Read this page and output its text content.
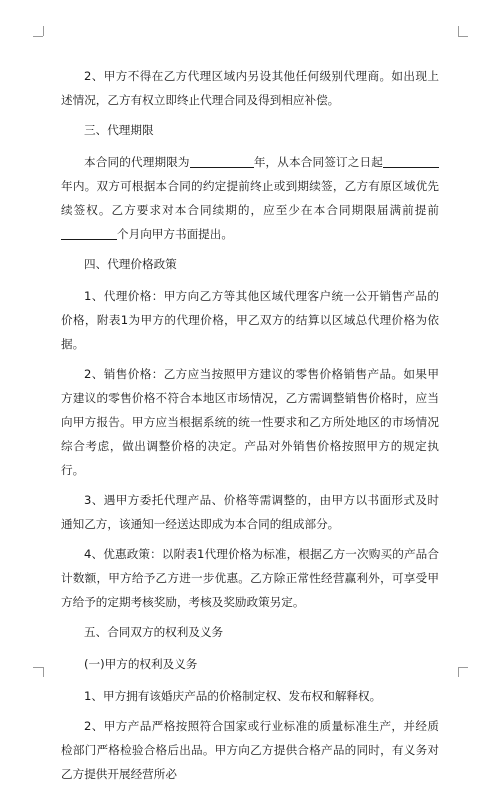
2、甲方不得在乙方代理区域内另设其他任何级别代理商。如出现上述情况，乙方有权立即终止代理合同及得到相应补偿。

三、代理期限

本合同的代理期限为	年，从本合同签订之日起年内。双方可根据本合同的约定提前终止或到期续签，乙方有原区域优先续签权。乙方要求对本合同续期的，应至少在本合同期限届满前提前个月向甲方书面提出。

四、代理价格政策

1、代理价格：甲方向乙方等其他区域代理客户统一公开销售产品的价格，附表1为甲方的代理价格，甲乙双方的结算以区域总代理价格为依据。

2、销售价格：乙方应当按照甲方建议的零售价格销售产品。如果甲方建议的零售价格不符合本地区市场情况，乙方需调整销售价格时，应当向甲方报告。甲方应当根据系统的统一性要求和乙方所处地区的市场情况综合考虑，做出调整价格的决定。产品对外销售价格按照甲方的规定执行。

3、遇甲方委托代理产品、价格等需调整的，由甲方以书面形式及时通知乙方，该通知一经送达即成为本合同的组成部分。

4、优惠政策：以附表1代理价格为标准，根据乙方一次购买的产品合计数额，甲方给予乙方进一步优惠。乙方除正常性经营赢利外，可享受甲方给予的定期考核奖励，考核及奖励政策另定。

五、合同双方的权利及义务

(一)甲方的权利及义务

1、甲方拥有该婚庆产品的价格制定权、发布权和解释权。

2、甲方产品严格按照符合国家或行业标准的质量标准生产，并经质检部门严格检验合格后出品。甲方向乙方提供合格产品的同时，有义务对乙方提供开展经营所必
